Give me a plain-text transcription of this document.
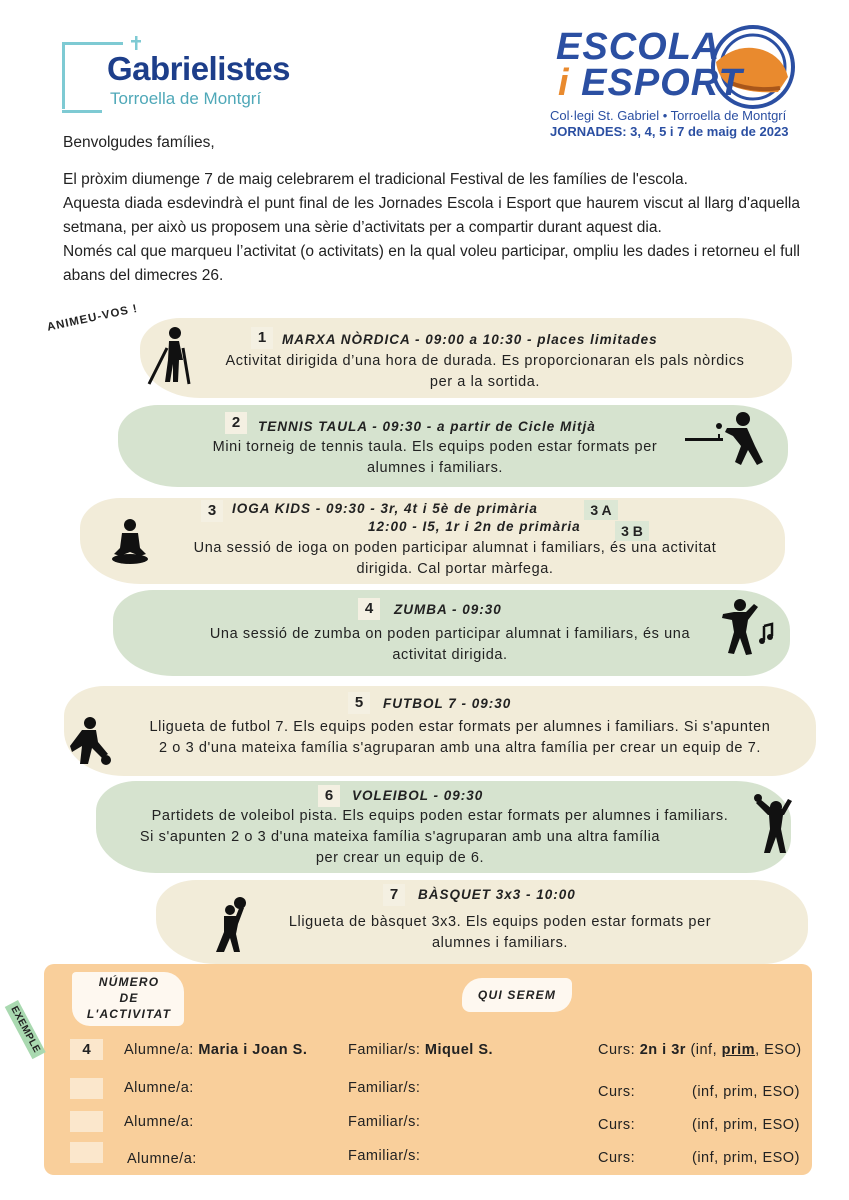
Gabrielistes
Torroella de Montgrí
ESCOLA
i ESPORT
Col·legi St. Gabriel • Torroella de Montgrí
JORNADES: 3, 4, 5 i 7 de maig de 2023
Benvolgudes famílies,

El pròxim diumenge 7 de maig celebrarem el tradicional Festival de les famílies de l'escola.

Aquesta diada esdevindrà el punt final de les Jornades Escola i Esport que haurem viscut al llarg d'aquella setmana, per això us proposem una sèrie d’activitats per a compartir durant aquest dia.

Només cal que marqueu l’activitat (o activitats) en la qual voleu participar, ompliu les dades i retorneu el full abans del dimecres 26.

ANIMEU-VOS !
1	MARXA NÒRDICA - 09:00 a 10:30 - places limitades
Activitat dirigida d’una hora de durada. Es proporcionaran els pals nòrdics
per a la sortida.
2	TENNIS TAULA - 09:30 - a partir de Cicle Mitjà
Mini torneig de tennis taula. Els equips poden estar formats per
alumnes i familiars.
3	IOGA KIDS - 09:30 - 3r, 4t i 5è de primària
12:00 - I5, 1r i 2n de primària
3 A
3 B
Una sessió de ioga on poden participar alumnat i familiars, és una activitat
dirigida. Cal portar màrfega.
4	ZUMBA - 09:30
Una sessió de zumba on poden participar alumnat i familiars, és una
activitat dirigida.
5	FUTBOL 7 - 09:30
Lligueta de futbol 7. Els equips poden estar formats per alumnes i familiars. Si s'apunten
2 o 3 d'una mateixa família s'agruparan amb una altra família per crear un equip de 7.
6	VOLEIBOL - 09:30
Partidets de voleibol pista. Els equips poden estar formats per alumnes i familiars.
Si s'apunten 2 o 3 d'una mateixa família s'agruparan amb una altra família
per crear un equip de 6.
7	BÀSQUET 3x3 - 10:00
Lligueta de bàsquet 3x3. Els equips poden estar formats per
alumnes i familiars.
NÚMERO
DE
L'ACTIVITAT
QUI SEREM
4	Alumne/a: Maria i Joan S.	Familiar/s: Miquel S.	Curs: 2n i 3r (inf, prim, ESO)
Alumne/a:	Familiar/s:	Curs:	(inf, prim, ESO)
Alumne/a:	Familiar/s:	Curs:	(inf, prim, ESO)
Alumne/a:	Familiar/s:	Curs:	(inf, prim, ESO)
EXEMPLE
